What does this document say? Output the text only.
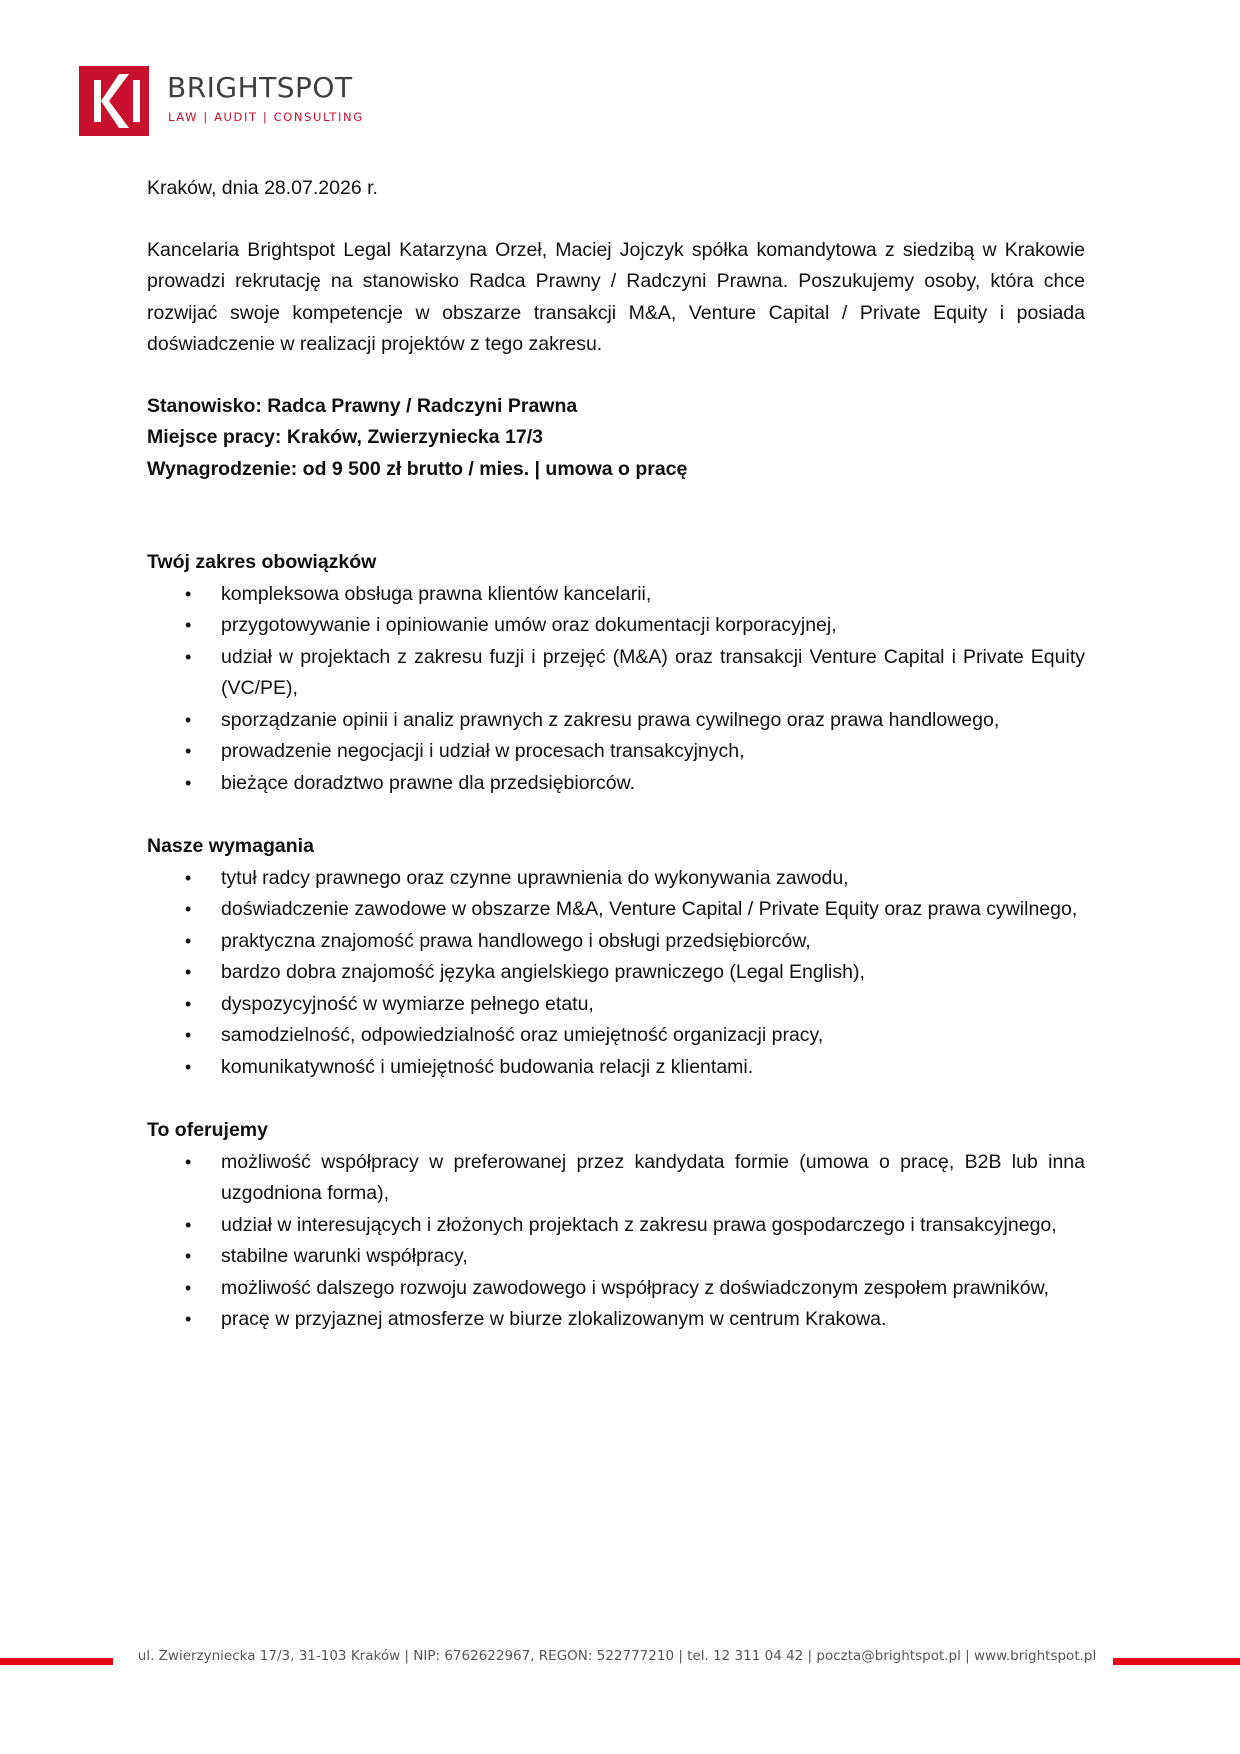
BRIGHTSPOT
LAW | AUDIT | CONSULTING

Kraków, dnia 28.07.2026 r.

Kancelaria Brightspot Legal Katarzyna Orzeł, Maciej Jojczyk spółka komandytowa z siedzibą w Krakowie prowadzi rekrutację na stanowisko Radca Prawny / Radczyni Prawna. Poszukujemy osoby, która chce rozwijać swoje kompetencje w obszarze transakcji M&A, Venture Capital / Private Equity i posiada doświadczenie w realizacji projektów z tego zakresu.

Stanowisko: Radca Prawny / Radczyni Prawna
Miejsce pracy: Kraków, Zwierzyniecka 17/3
Wynagrodzenie: od 9 500 zł brutto / mies. | umowa o pracę
Twój zakres obowiązków
• kompleksowa obsługa prawna klientów kancelarii,
• przygotowywanie i opiniowanie umów oraz dokumentacji korporacyjnej,
• udział w projektach z zakresu fuzji i przejęć (M&A) oraz transakcji Venture Capital i Private Equity (VC/PE),
• sporządzanie opinii i analiz prawnych z zakresu prawa cywilnego oraz prawa handlowego,
• prowadzenie negocjacji i udział w procesach transakcyjnych,
• bieżące doradztwo prawne dla przedsiębiorców.
Nasze wymagania
• tytuł radcy prawnego oraz czynne uprawnienia do wykonywania zawodu,
• doświadczenie zawodowe w obszarze M&A, Venture Capital / Private Equity oraz prawa cywilnego,
• praktyczna znajomość prawa handlowego i obsługi przedsiębiorców,
• bardzo dobra znajomość języka angielskiego prawniczego (Legal English),
• dyspozycyjność w wymiarze pełnego etatu,
• samodzielność, odpowiedzialność oraz umiejętność organizacji pracy,
• komunikatywność i umiejętność budowania relacji z klientami.
To oferujemy
• możliwość współpracy w preferowanej przez kandydata formie (umowa o pracę, B2B lub inna uzgodniona forma),
• udział w interesujących i złożonych projektach z zakresu prawa gospodarczego i transakcyjnego,
• stabilne warunki współpracy,
• możliwość dalszego rozwoju zawodowego i współpracy z doświadczonym zespołem prawników,
• pracę w przyjaznej atmosferze w biurze zlokalizowanym w centrum Krakowa.
ul. Zwierzyniecka 17/3, 31-103 Kraków | NIP: 6762622967, REGON: 522777210 | tel. 12 311 04 42 | poczta@brightspot.pl | www.brightspot.pl
